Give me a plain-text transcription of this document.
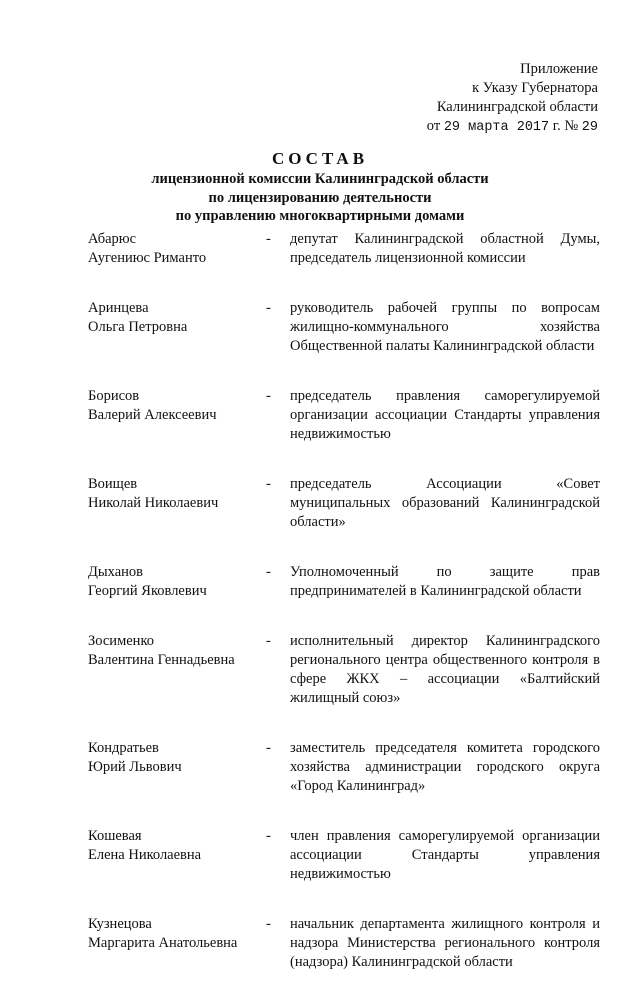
Приложение
к Указу Губернатора
Калининградской области
от 29 марта 2017 г. № 29
СОСТАВ
лицензионной комиссии Калининградской области
по лицензированию деятельности
по управлению многоквартирными домами
Абарюс
Аугениюс Риманто
-	депутат Калининградской областной Думы, председатель лицензионной комиссии
Аринцева
Ольга Петровна
-	руководитель рабочей группы по вопросам жилищно-коммунального хозяйства Общественной палаты Калининградской области
Борисов
Валерий Алексеевич
-	председатель правления саморегулируемой организации ассоциации Стандарты управления недвижимостью
Воищев
Николай Николаевич
-	председатель Ассоциации «Совет муниципальных образований Калининградской области»
Дыханов
Георгий Яковлевич
-	Уполномоченный по защите прав предпринимателей в Калининградской области
Зосименко
Валентина Геннадьевна
-	исполнительный директор Калининградского регионального центра общественного контроля в сфере ЖКХ – ассоциации «Балтийский жилищный союз»
Кондратьев
Юрий Львович
-	заместитель председателя комитета городского хозяйства администрации городского округа «Город Калининград»
Кошевая
Елена Николаевна
-	член правления саморегулируемой организации ассоциации Стандарты управления недвижимостью
Кузнецова
Маргарита Анатольевна
-	начальник департамента жилищного контроля и надзора Министерства регионального контроля (надзора) Калининградской области
